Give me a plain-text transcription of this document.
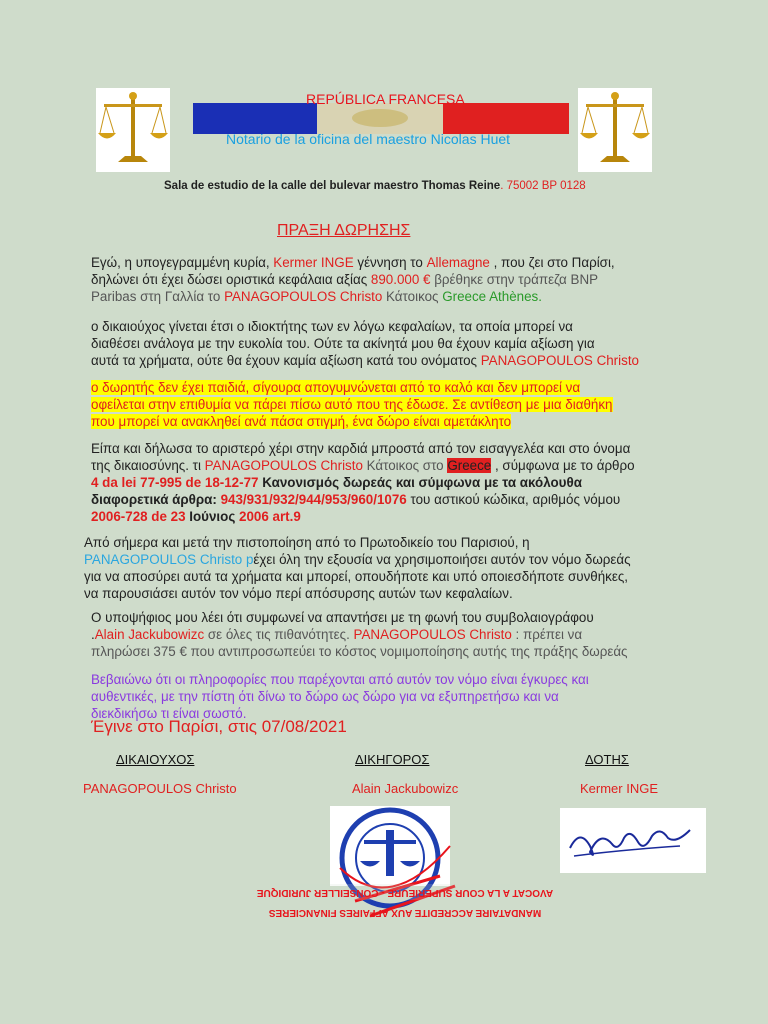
REPÚBLICA FRANCESA
Notario de la oficina del maestro Nicolas Huet
Sala de estudio de la calle del bulevar maestro Thomas Reine. 75002 BP 0128
ΠΡΑΞΗ ΔΩΡΗΣΗΣ
Εγώ, η υπογεγραμμένη κυρία, Kermer INGE γέννηση το Allemagne , που ζει στο Παρίσι,
δηλώνει ότι έχει δώσει οριστικά κεφάλαια αξίας 890.000 € βρέθηκε στην τράπεζα BNP
Paribas στη Γαλλία το PANAGOPOULOS Christo Κάτοικος Greece Athènes.
ο δικαιούχος γίνεται έτσι ο ιδιοκτήτης των εν λόγω κεφαλαίων, τα οποία μπορεί να
διαθέσει ανάλογα με την ευκολία του. Ούτε τα ακίνητά μου θα έχουν καμία αξίωση για
αυτά τα χρήματα, ούτε θα έχουν καμία αξίωση κατά του ονόματος PANAGOPOULOS Christo
ο δωρητής δεν έχει παιδιά, σίγουρα απογυμνώνεται από το καλό και δεν μπορεί να
οφείλεται στην επιθυμία να πάρει πίσω αυτό που της έδωσε. Σε αντίθεση με μια διαθήκη
που μπορεί να ανακληθεί ανά πάσα στιγμή, ένα δώρο είναι αμετάκλητο
Είπα και δήλωσα το αριστερό χέρι στην καρδιά μπροστά από τον εισαγγελέα και στο όνομα
της δικαιοσύνης. τι PANAGOPOULOS Christo Κάτοικος στο Greece , σύμφωνα με το άρθρο
4 da lei 77-995 de 18-12-77 Κανονισμός δωρεάς και σύμφωνα με τα ακόλουθα
διαφορετικά άρθρα: 943/931/932/944/953/960/1076 του αστικού κώδικα, αριθμός νόμου
2006-728 de 23 Ιούνιος 2006 art.9
Από σήμερα και μετά την πιστοποίηση από το Πρωτοδικείο του Παρισιού, η
PANAGOPOULOS Christo pέχει όλη την εξουσία να χρησιμοποιήσει αυτόν τον νόμο δωρεάς
για να αποσύρει αυτά τα χρήματα και μπορεί, οπουδήποτε και υπό οποιεσδήποτε συνθήκες,
να παρουσιάσει αυτόν τον νόμο περί απόσυρσης αυτών των κεφαλαίων.
Ο υποψήφιος μου λέει ότι συμφωνεί να απαντήσει με τη φωνή του συμβολαιογράφου
.Alain Jackubowizc σε όλες τις πιθανότητες. PANAGOPOULOS Christo : πρέπει να
πληρώσει 375 € που αντιπροσωπεύει το κόστος νομιμοποίησης αυτής της πράξης δωρεάς
Βεβαιώνω ότι οι πληροφορίες που παρέχονται από αυτόν τον νόμο είναι έγκυρες και
αυθεντικές, με την πίστη ότι δίνω το δώρο ως δώρο για να εξυπηρετήσω και να
διεκδικήσω τι είναι σωστό.
Έγινε στο Παρίσι, στις 07/08/2021
ΔΙΚΑΙΟΥΧΟΣ	ΔΙΚΗΓΟΡΟΣ	ΔΟΤΗΣ
PANAGOPOULOS Christo	Alain Jackubowizc	Kermer INGE
AVOCAT A LA COUR SUPERIEURE - CONSEILLER JURIDIQUE
MANDATAIRE ACCREDITE AUX AFFAIRES FINANCIERES
